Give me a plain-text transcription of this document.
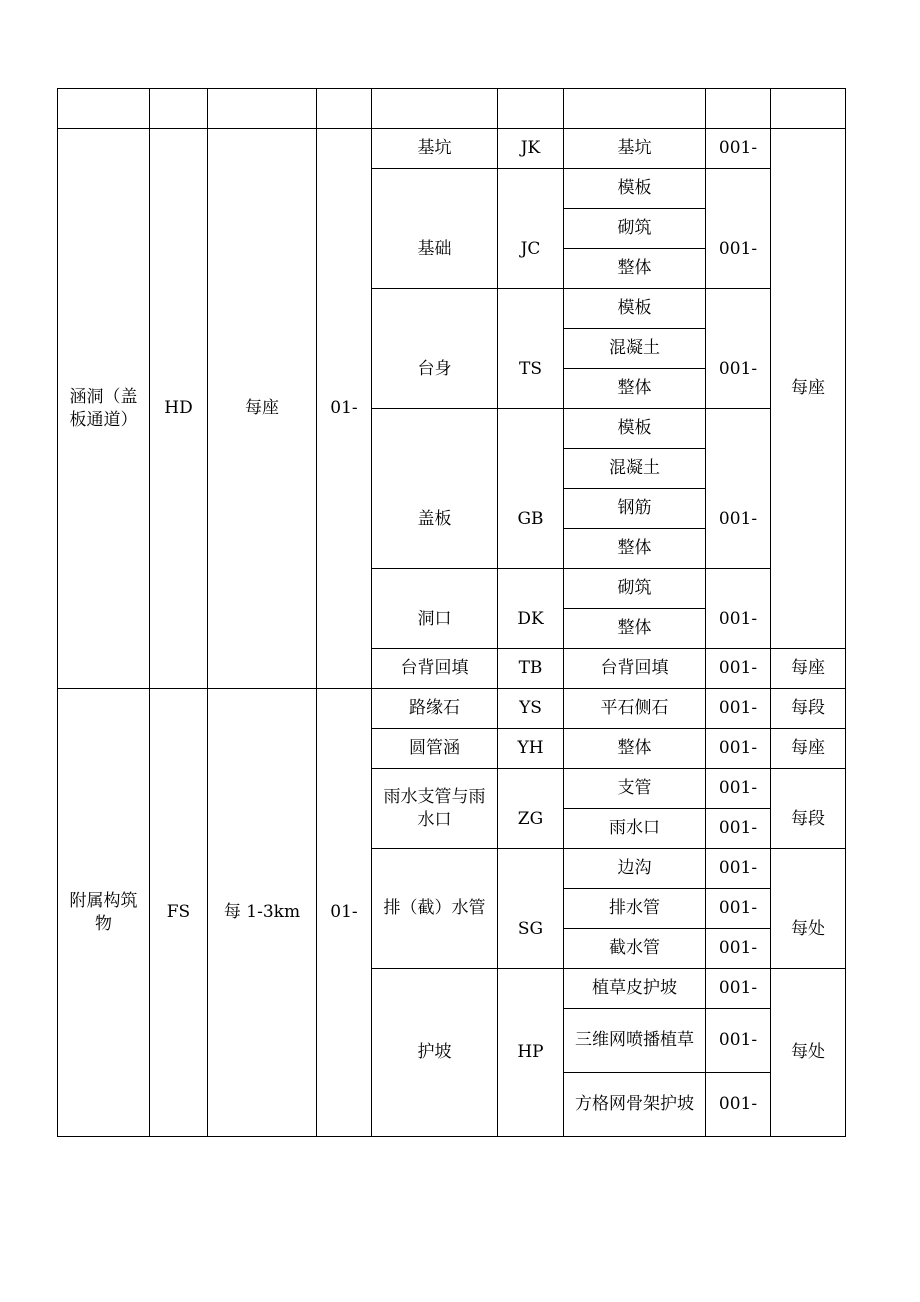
涵洞（盖板通道）	HD	每座	01-	基坑	JK	基坑	001-	每座
				基础	JC	模板	001-	
						砌筑		
						整体		
				台身	TS	模板	001-	
						混凝土		
						整体		
				盖板	GB	模板	001-	
						混凝土		
						钢筋		
						整体		
				洞口	DK	砌筑	001-	
						整体		
				台背回填	TB	台背回填	001-	每座
附属构筑物	FS	每 1-3km	01-	路缘石	YS	平石侧石	001-	每段
				圆管涵	YH	整体	001-	每座
				雨水支管与雨水口	ZG	支管	001-	每段
						雨水口	001-	
				排（截）水管	SG	边沟	001-	每处
						排水管	001-	
						截水管	001-	
				护坡	HP	植草皮护坡	001-	每处
						三维网喷播植草	001-	
						方格网骨架护坡	001-	
